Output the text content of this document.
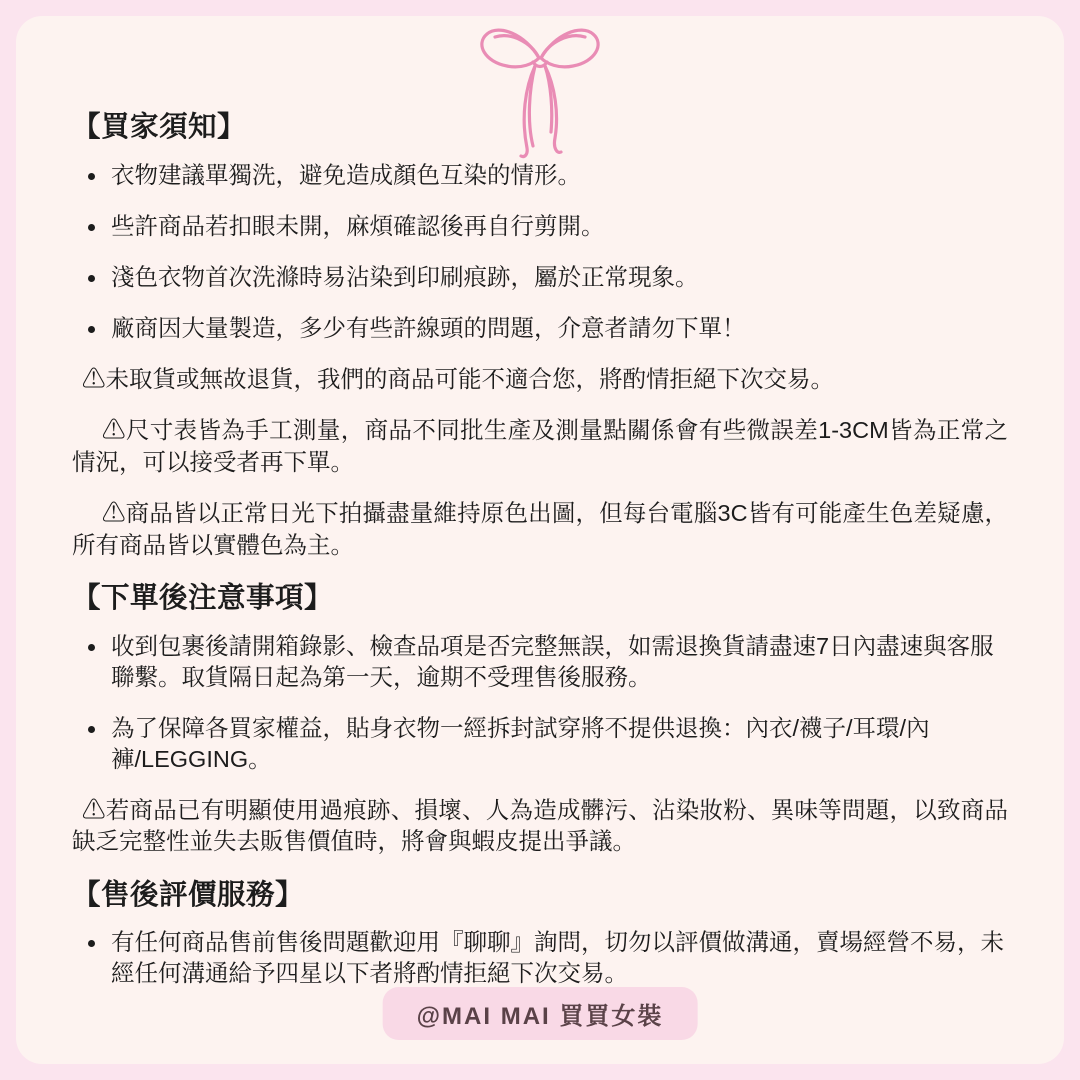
【買家須知】
衣物建議單獨洗，避免造成顏色互染的情形。
些許商品若扣眼未開，麻煩確認後再自行剪開。
淺色衣物首次洗滌時易沾染到印刷痕跡，屬於正常現象。
廠商因大量製造，多少有些許線頭的問題，介意者請勿下單！

⚠未取貨或無故退貨，我們的商品可能不適合您，將酌情拒絕下次交易。

⚠尺寸表皆為手工測量，商品不同批生產及測量點關係會有些微誤差1-3CM皆為正常之情況，可以接受者再下單。

⚠商品皆以正常日光下拍攝盡量維持原色出圖，但每台電腦3C皆有可能產生色差疑慮，所有商品皆以實體色為主。

【下單後注意事項】
收到包裹後請開箱錄影、檢查品項是否完整無誤，如需退換貨請盡速7日內盡速與客服聯繫。取貨隔日起為第一天，逾期不受理售後服務。
為了保障各買家權益，貼身衣物一經拆封試穿將不提供退換：內衣/襪子/耳環/內褲/LEGGING。

⚠若商品已有明顯使用過痕跡、損壞、人為造成髒污、沾染妝粉、異味等問題，以致商品缺乏完整性並失去販售價值時，將會與蝦皮提出爭議。

【售後評價服務】
有任何商品售前售後問題歡迎用『聊聊』詢問，切勿以評價做溝通，賣場經營不易，未經任何溝通給予四星以下者將酌情拒絕下次交易。
@MAI MAI 買買女裝
